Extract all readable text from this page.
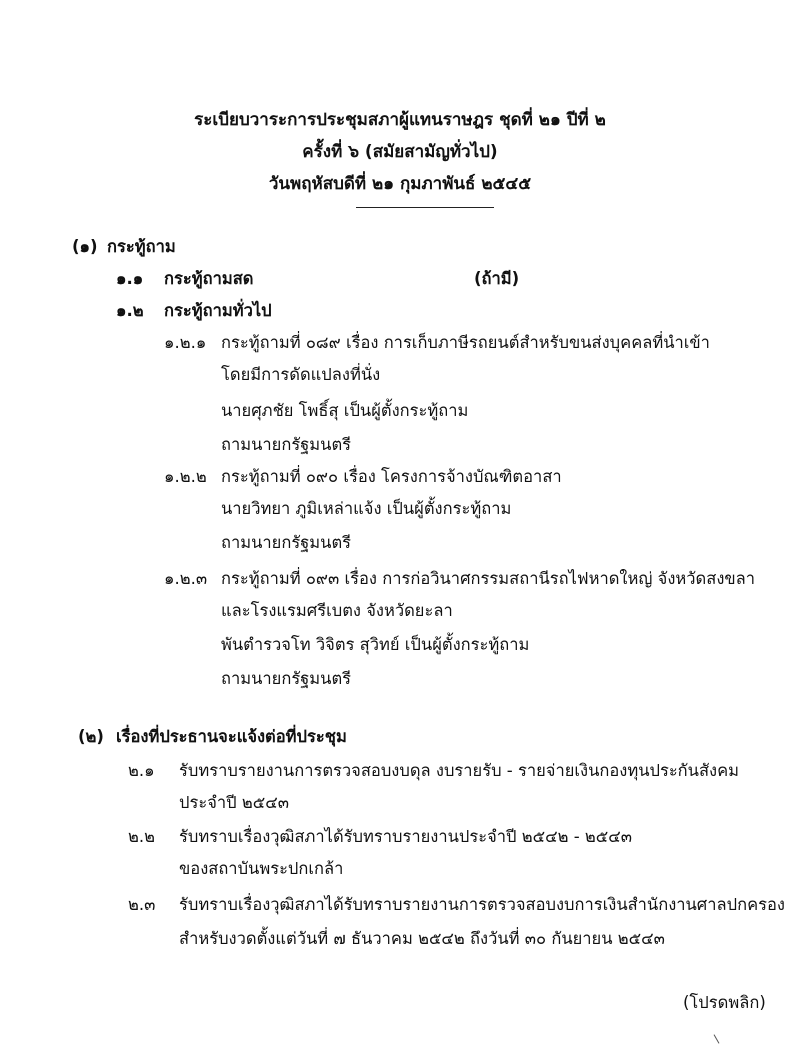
ระเบียบวาระการประชุมสภาผู้แทนราษฎร ชุดที่ ๒๑ ปีที่ ๒
ครั้งที่ ๖ (สมัยสามัญทั่วไป)
วันพฤหัสบดีที่ ๒๑ กุมภาพันธ์ ๒๕๔๕
(๑) กระทู้ถาม
๑.๑ กระทู้ถามสด	(ถ้ามี)
๑.๒ กระทู้ถามทั่วไป
๑.๒.๑ กระทู้ถามที่ ๐๘๙ เรื่อง การเก็บภาษีรถยนต์สำหรับขนส่งบุคคลที่นำเข้า
โดยมีการดัดแปลงที่นั่ง
นายศุภชัย โพธิ์สุ เป็นผู้ตั้งกระทู้ถาม
ถามนายกรัฐมนตรี
๑.๒.๒ กระทู้ถามที่ ๐๙๐ เรื่อง โครงการจ้างบัณฑิตอาสา
นายวิทยา ภูมิเหล่าแจ้ง เป็นผู้ตั้งกระทู้ถาม
ถามนายกรัฐมนตรี
๑.๒.๓ กระทู้ถามที่ ๐๙๓ เรื่อง การก่อวินาศกรรมสถานีรถไฟหาดใหญ่ จังหวัดสงขลา
และโรงแรมศรีเบตง จังหวัดยะลา
พันตำรวจโท วิจิตร สุวิทย์ เป็นผู้ตั้งกระทู้ถาม
ถามนายกรัฐมนตรี
(๒) เรื่องที่ประธานจะแจ้งต่อที่ประชุม
๒.๑ รับทราบรายงานการตรวจสอบงบดุล งบรายรับ - รายจ่ายเงินกองทุนประกันสังคม
ประจำปี ๒๕๔๓
๒.๒ รับทราบเรื่องวุฒิสภาได้รับทราบรายงานประจำปี ๒๕๔๒ - ๒๕๔๓
ของสถาบันพระปกเกล้า
๒.๓ รับทราบเรื่องวุฒิสภาได้รับทราบรายงานการตรวจสอบงบการเงินสำนักงานศาลปกครอง
สำหรับงวดตั้งแต่วันที่ ๗ ธันวาคม ๒๕๔๒ ถึงวันที่ ๓๐ กันยายน ๒๕๔๓
(โปรดพลิก)
